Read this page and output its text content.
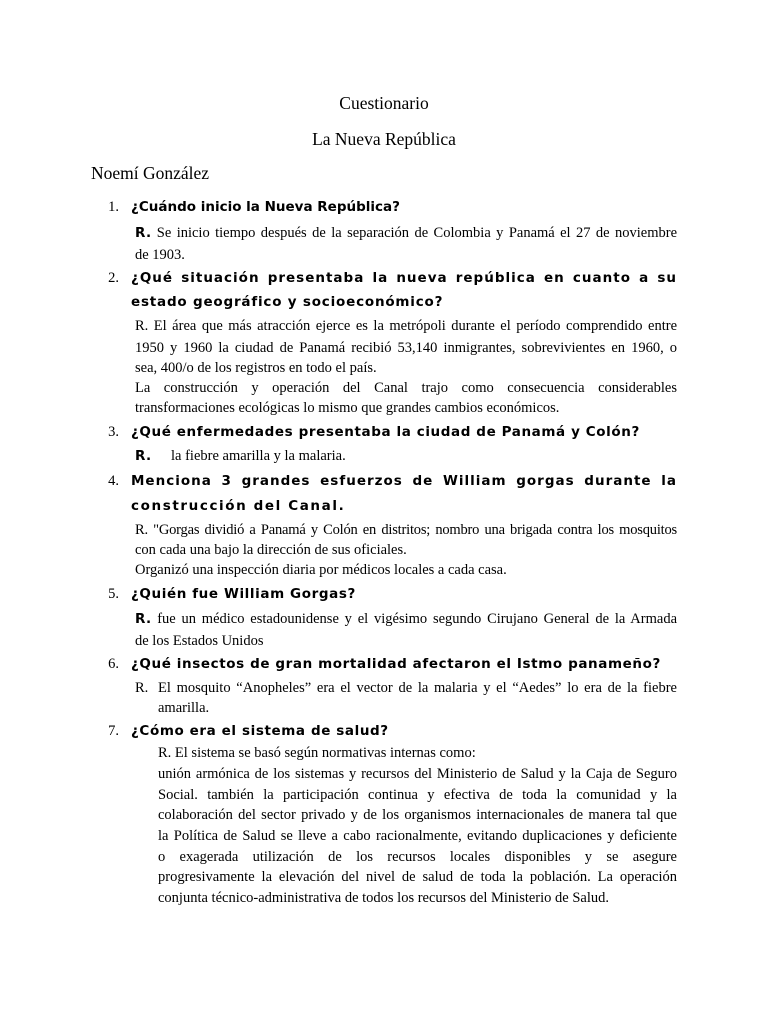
Cuestionario
La Nueva República
Noemí González
1. ¿Cuándo inicio la Nueva República?
R. Se inicio tiempo después de la separación de Colombia y Panamá el 27 de noviembre
de 1903.
2. ¿Qué situación presentaba la nueva república en cuanto a su
estado geográfico y socioeconómico?
R. El área que más atracción ejerce es la metrópoli durante el período comprendido entre
1950 y 1960 la ciudad de Panamá recibió 53,140 inmigrantes, sobrevivientes en 1960, o
sea, 400/o de los registros en todo el país.
La construcción y operación del Canal trajo como consecuencia considerables
transformaciones ecológicas lo mismo que grandes cambios económicos.
3. ¿Qué enfermedades presentaba la ciudad de Panamá y Colón?
R. la fiebre amarilla y la malaria.
4. Menciona 3 grandes esfuerzos de William gorgas durante la
construcción del Canal.
R. "Gorgas dividió a Panamá y Colón en distritos; nombro una brigada contra los mosquitos
con cada una bajo la dirección de sus oficiales.
Organizó una inspección diaria por médicos locales a cada casa.
5. ¿Quién fue William Gorgas?
R. fue un médico estadounidense y el vigésimo segundo Cirujano General de la Armada
de los Estados Unidos
6. ¿Qué insectos de gran mortalidad afectaron el Istmo panameño?
R. El mosquito “Anopheles” era el vector de la malaria y el “Aedes” lo era de la fiebre
amarilla.
7. ¿Cómo era el sistema de salud?
R. El sistema se basó según normativas internas como:
unión armónica de los sistemas y recursos del Ministerio de Salud y la Caja de Seguro
Social. también la participación continua y efectiva de toda la comunidad y la
colaboración del sector privado y de los organismos internacionales de manera tal que
la Política de Salud se lleve a cabo racionalmente, evitando duplicaciones y deficiente
o exagerada utilización de los recursos locales disponibles y se asegure
progresivamente la elevación del nivel de salud de toda la población. La operación
conjunta técnico-administrativa de todos los recursos del Ministerio de Salud.
